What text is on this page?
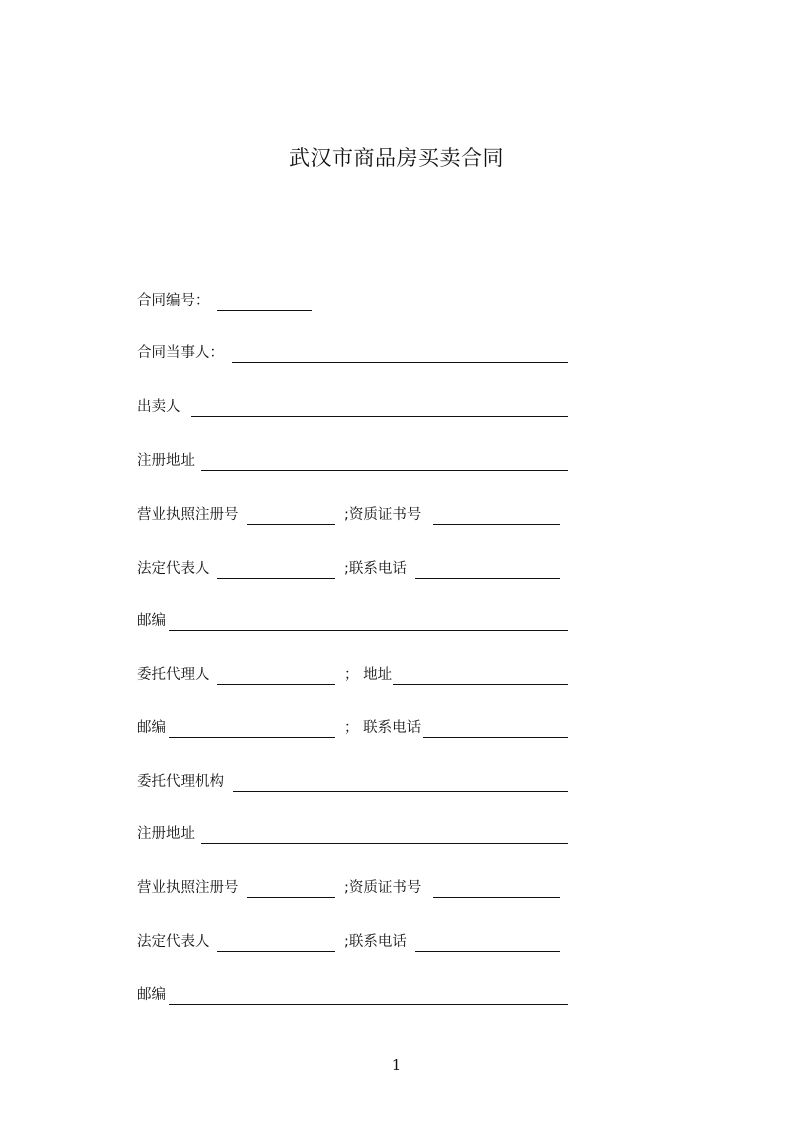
武汉市商品房买卖合同
合同编号：
合同当事人：
出卖人
注册地址
营业执照注册号	;资质证书号
法定代表人	;联系电话
邮编
委托代理人	； 地址
邮编	； 联系电话
委托代理机构
注册地址
营业执照注册号	;资质证书号
法定代表人	;联系电话
邮编
1
